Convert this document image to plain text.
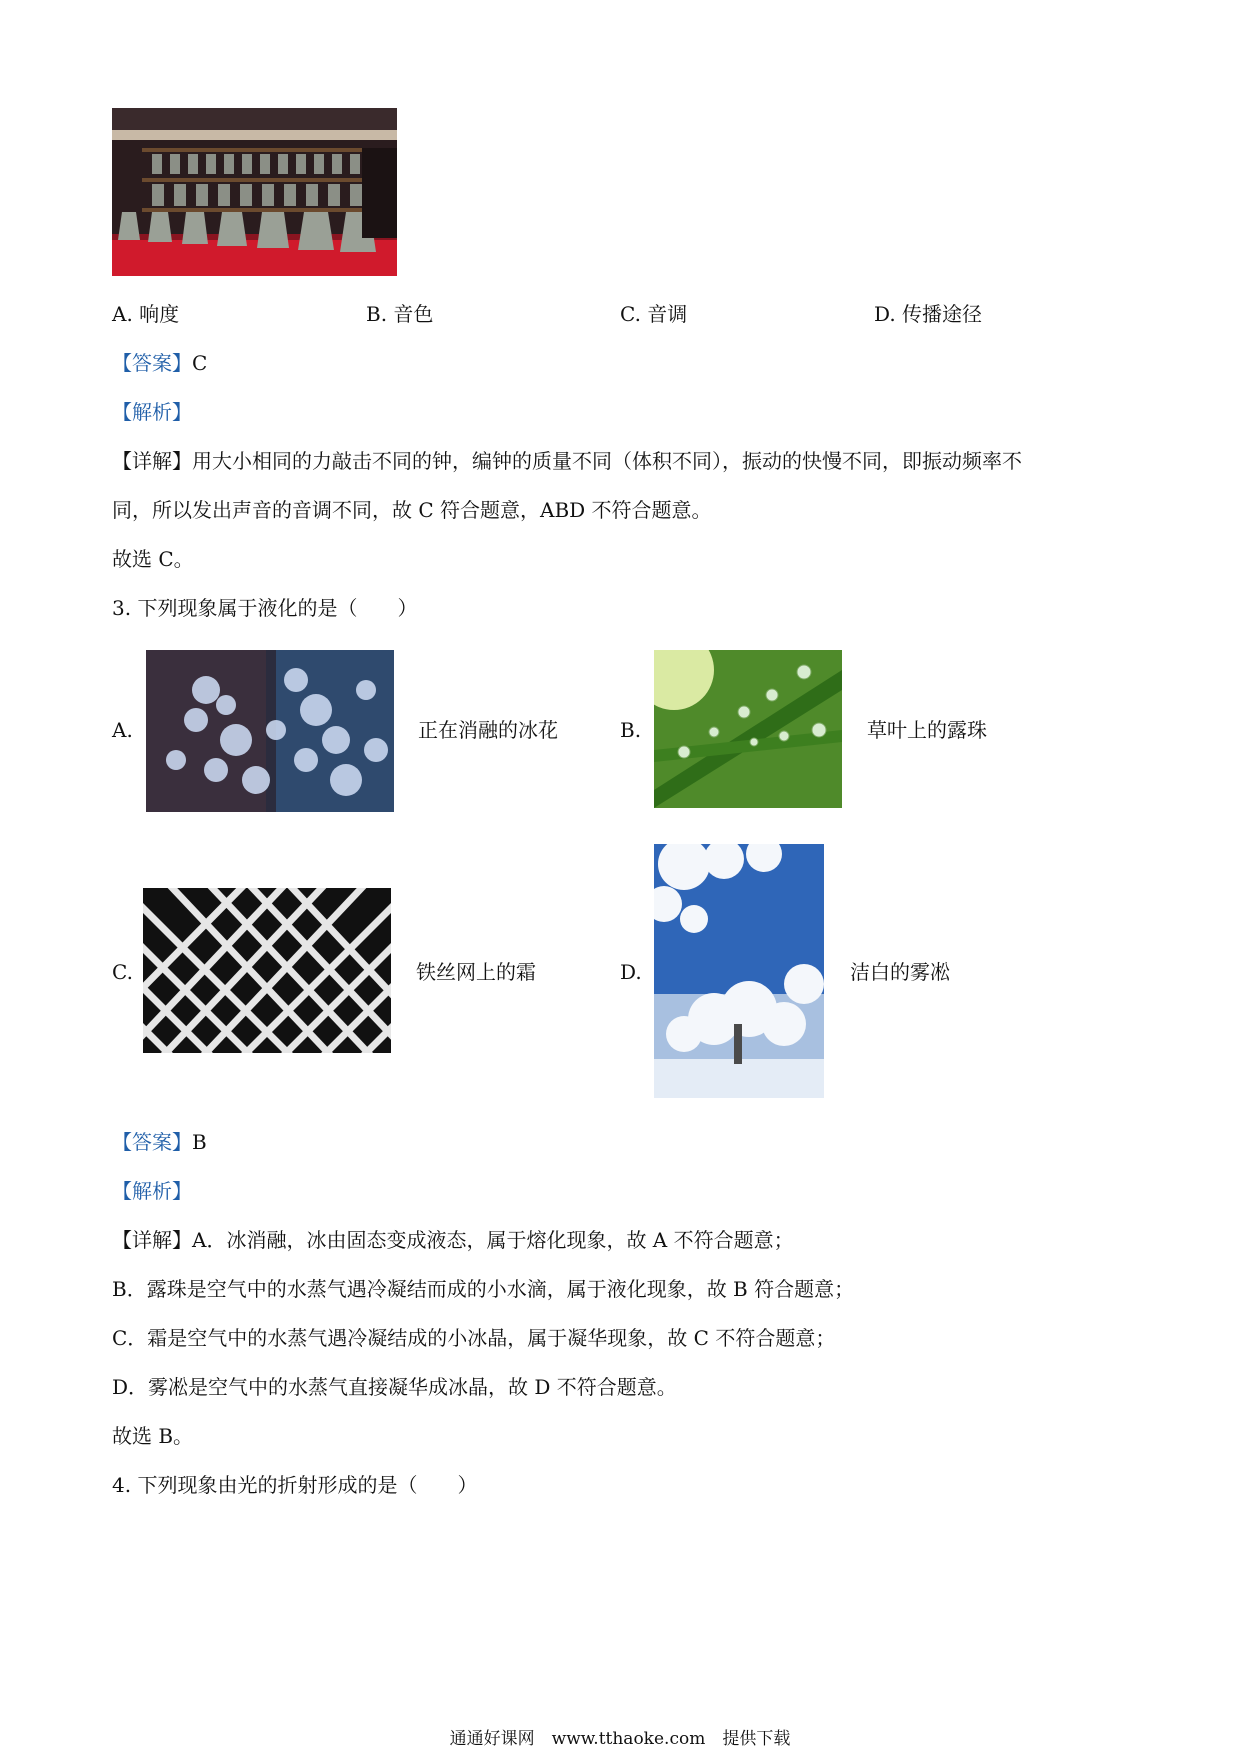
A. 响度	B. 音色	C. 音调	D. 传播途径
【答案】C
【解析】
【详解】用大小相同的力敲击不同的钟，编钟的质量不同（体积不同），振动的快慢不同，即振动频率不
同，所以发出声音的音调不同，故 C 符合题意，ABD 不符合题意。
故选 C。
3. 下列现象属于液化的是（　　）
A.	正在消融的冰花	B.	草叶上的露珠
C.	铁丝网上的霜	D.	洁白的雾凇
【答案】B
【解析】
【详解】A．冰消融，冰由固态变成液态，属于熔化现象，故 A 不符合题意；
B．露珠是空气中的水蒸气遇冷凝结而成的小水滴，属于液化现象，故 B 符合题意；
C．霜是空气中的水蒸气遇冷凝结成的小冰晶，属于凝华现象，故 C 不符合题意；
D．雾凇是空气中的水蒸气直接凝华成冰晶，故 D 不符合题意。
故选 B。
4. 下列现象由光的折射形成的是（　　）
通通好课网　www.tthaoke.com　提供下载
